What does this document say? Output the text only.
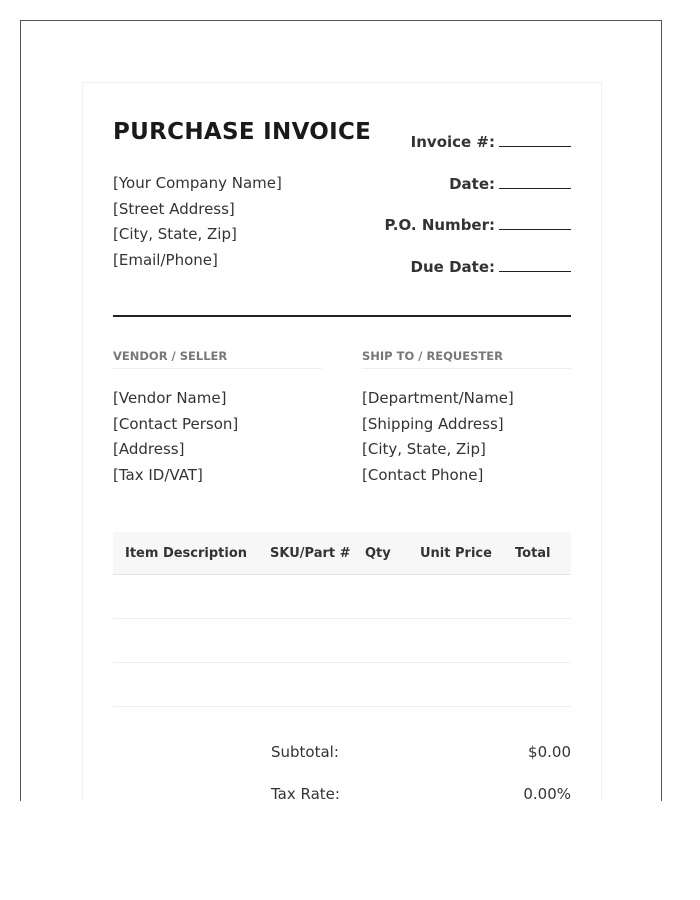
PURCHASE INVOICE
[Your Company Name]
[Street Address]
[City, State, Zip]
[Email/Phone]
Invoice #:
Date:
P.O. Number:
Due Date:
VENDOR / SELLER	SHIP TO / REQUESTER
[Vendor Name]
[Contact Person]
[Address]
[Tax ID/VAT]
[Department/Name]
[Shipping Address]
[City, State, Zip]
[Contact Phone]
Item Description	SKU/Part #	Qty	Unit Price	Total

Subtotal:	$0.00
Tax Rate:	0.00%
